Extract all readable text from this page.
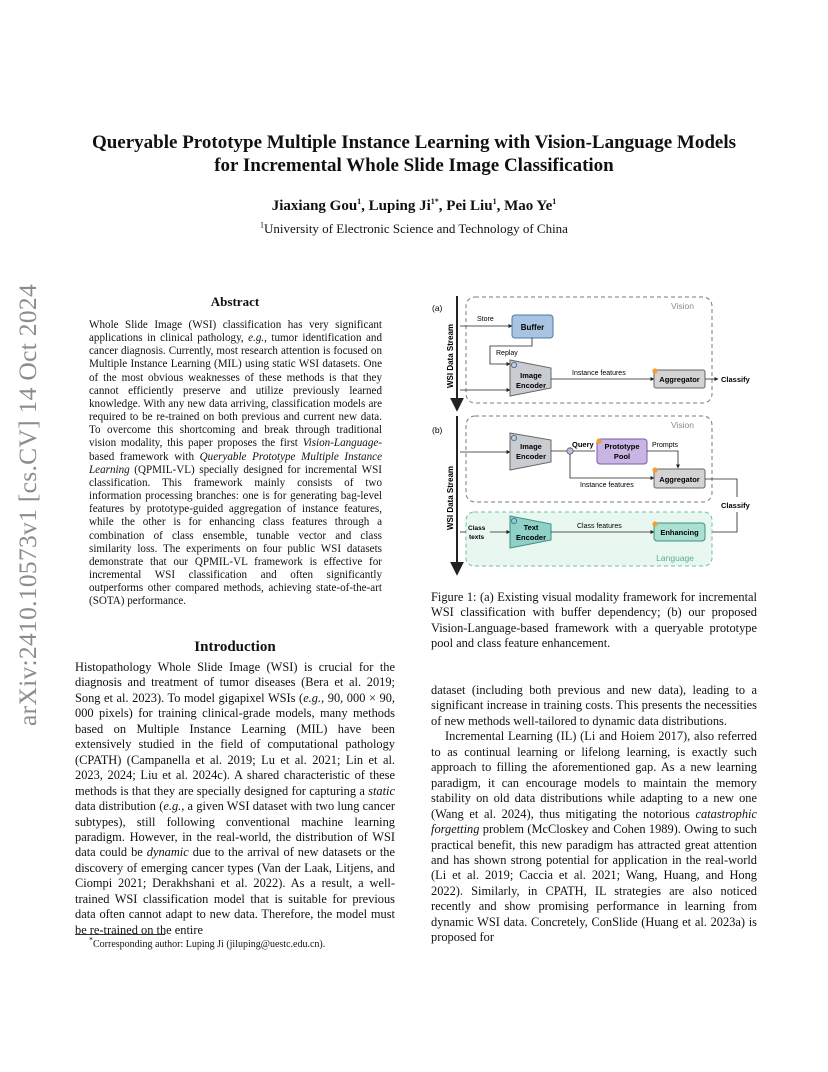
arXiv:2410.10573v1 [cs.CV] 14 Oct 2024
Queryable Prototype Multiple Instance Learning with Vision-Language Models
for Incremental Whole Slide Image Classification
Jiaxiang Gou$^1$, Luping $Ji^{1*}$, Pei Liu$^1$, Mao Ye$^1$
$^1$University of Electronic Science and Technology of China
Abstract
Whole Slide Image (WSI) classification has very significant applications in clinical pathology, e.g., tumor identification and cancer diagnosis. Currently, most research attention is focused on Multiple Instance Learning (MIL) using static WSI datasets. One of the most obvious weaknesses of these methods is that they cannot efficiently preserve and utilize previously learned knowledge. With any new data arriving, classification models are required to be re-trained on both previous and current new data. To overcome this shortcoming and break through traditional vision modality, this paper proposes the first Vision-Language-based framework with Queryable Prototype Multiple Instance Learning (QPMIL-VL) specially designed for incremental WSI classification. This framework mainly consists of two information processing branches: one is for generating bag-level features by prototype-guided aggregation of instance features, while the other is for enhancing class features through a combination of class ensemble, tunable vector and class similarity loss. The experiments on four public WSI datasets demonstrate that our QPMIL-VL framework is effective for incremental WSI classification and often significantly outperforms other compared methods, achieving state-of-the-art (SOTA) performance.
Introduction
Histopathology Whole Slide Image (WSI) is crucial for the diagnosis and treatment of tumor diseases (Bera et al. 2019; Song et al. 2023). To model gigapixel WSIs (e.g., 90, 000 × 90, 000 pixels) for training clinical-grade models, many methods based on Multiple Instance Learning (MIL) have been extensively studied in the field of computational pathology (CPATH) (Campanella et al. 2019; Lu et al. 2021; Lin et al. 2023, 2024; Liu et al. 2024c). A shared characteristic of these methods is that they are specially designed for capturing a static data distribution (e.g., a given WSI dataset with two lung cancer subtypes), still following conventional machine learning paradigm. However, in the real-world, the distribution of WSI data could be dynamic due to the arrival of new datasets or the discovery of emerging cancer types (Van der Laak, Litjens, and Ciompi 2021; Derakhshani et al. 2022). As a result, a well-trained WSI classification model that is suitable for previous data often cannot adapt to new data. Therefore, the model must be re-trained on the entire
*Corresponding author: Luping Ji (jiluping@uestc.edu.cn).
(a)
WSI Data Stream
Vision
Store
Buffer
Replay
Image
Encoder
Instance features
Aggregator	Classify
(b)
WSI Data Stream
Vision
Image
Encoder
Query Prototype
Pool
Prompts
Instance features
Aggregator
Classify
Language
Class
texts
Text
Encoder
Class features
Enhancing
Figure 1: (a) Existing visual modality framework for incremental WSI classification with buffer dependency; (b) our proposed Vision-Language-based framework with a queryable prototype pool and class feature enhancement.
dataset (including both previous and new data), leading to a significant increase in training costs. This presents the necessities of new methods well-tailored to dynamic data distributions.
Incremental Learning (IL) (Li and Hoiem 2017), also referred to as continual learning or lifelong learning, is exactly such approach to filling the aforementioned gap. As a new learning paradigm, it can encourage models to maintain the memory stability on old data distributions while adapting to a new one (Wang et al. 2024), thus mitigating the notorious catastrophic forgetting problem (McCloskey and Cohen 1989). Owing to such practical benefit, this new paradigm has attracted great attention and has shown strong potential for application in the real-world (Li et al. 2019; Caccia et al. 2021; Wang, Huang, and Hong 2022). Similarly, in CPATH, IL strategies are also noticed recently and show promising performance in learning from dynamic WSI data. Concretely, ConSlide (Huang et al. 2023a) is proposed for
